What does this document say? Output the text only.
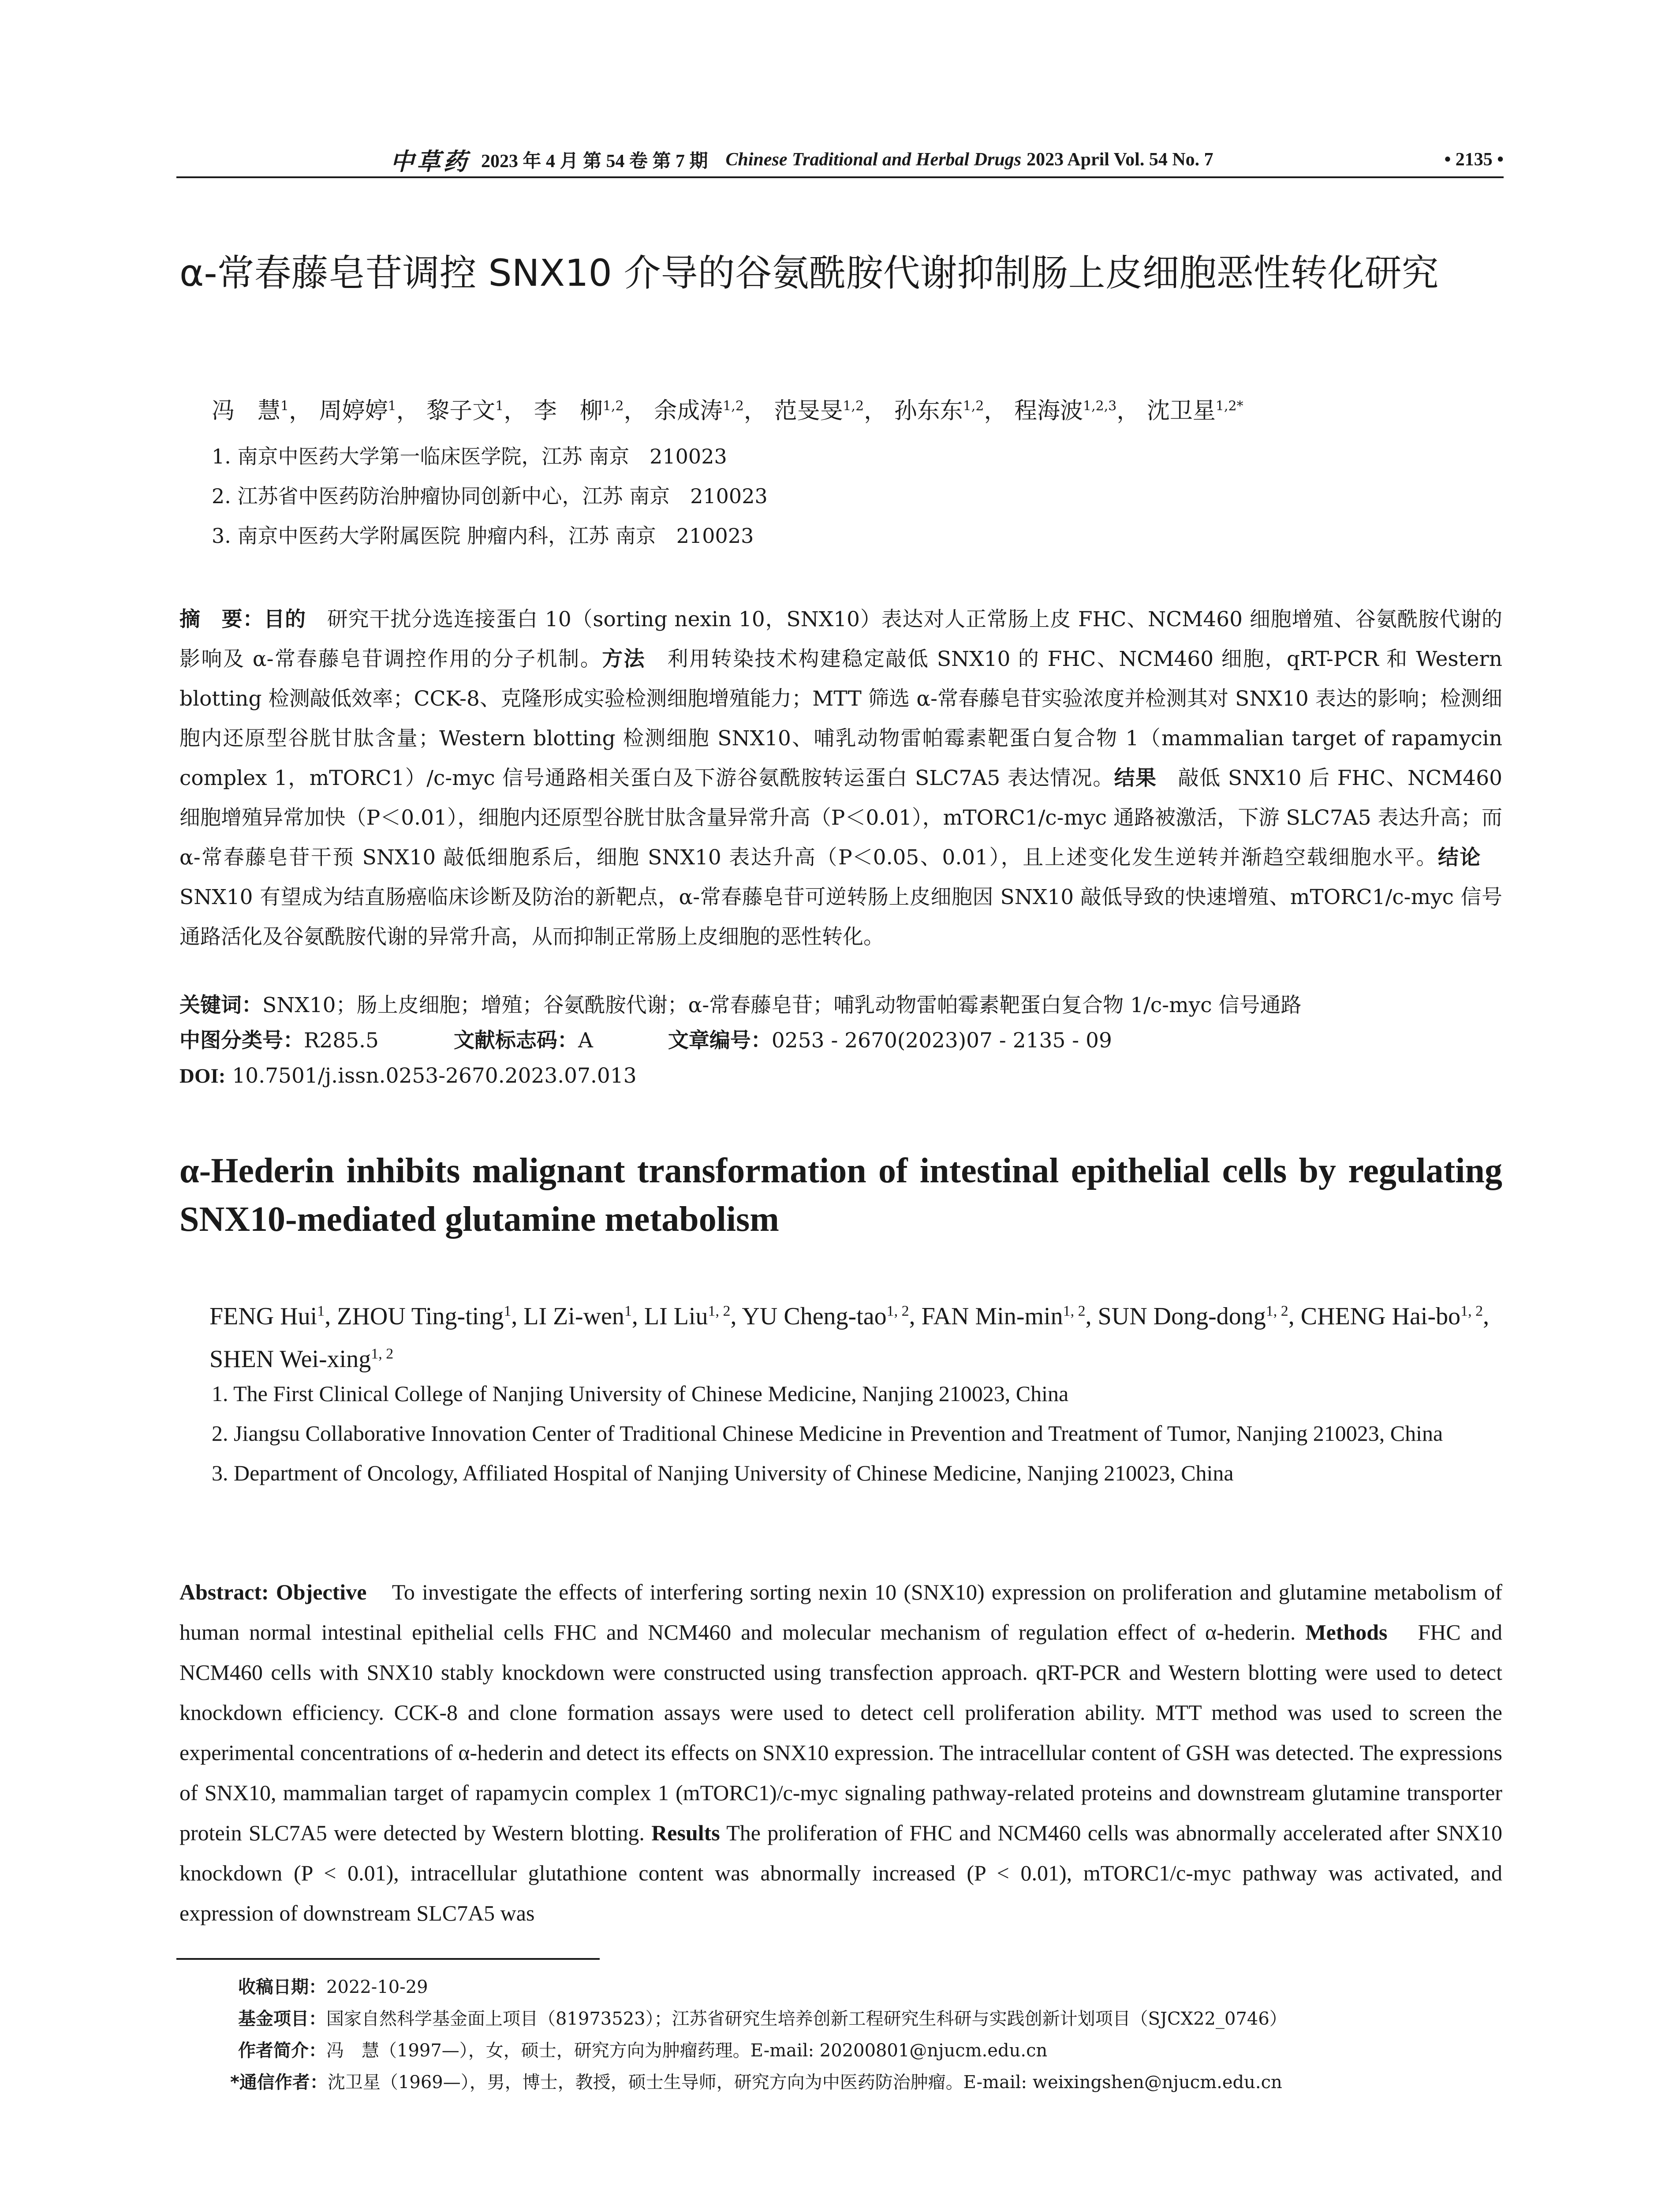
中草药 2023 年 4 月 第 54 卷 第 7 期 Chinese Traditional and Herbal Drugs 2023 April Vol. 54 No. 7	• 2135 •
α-常春藤皂苷调控 SNX10 介导的谷氨酰胺代谢抑制肠上皮细胞恶性转化研究
冯　慧$^1$， 周婷婷$^1$， 黎子文$^1$， 李　柳$^{1,2}$， 余成涛$^{1,2}$， 范旻旻$^{1,2}$， 孙东东$^{1,2}$， 程海波$^{1,2,3}$， 沈卫星$^{1,2*}$
1. 南京中医药大学第一临床医学院，江苏 南京　210023
2. 江苏省中医药防治肿瘤协同创新中心，江苏 南京　210023
3. 南京中医药大学附属医院 肿瘤内科，江苏 南京　210023
摘　要：目的　研究干扰分选连接蛋白 10（sorting nexin 10，SNX10）表达对人正常肠上皮 FHC、NCM460 细胞增殖、谷氨酰胺代谢的影响及 α-常春藤皂苷调控作用的分子机制。方法　利用转染技术构建稳定敲低 SNX10 的 FHC、NCM460 细胞，qRT-PCR 和 Western blotting 检测敲低效率；CCK-8、克隆形成实验检测细胞增殖能力；MTT 筛选 α-常春藤皂苷实验浓度并检测其对 SNX10 表达的影响；检测细胞内还原型谷胱甘肽含量；Western blotting 检测细胞 SNX10、哺乳动物雷帕霉素靶蛋白复合物 1（mammalian target of rapamycin complex 1，mTORC1）/c-myc 信号通路相关蛋白及下游谷氨酰胺转运蛋白 SLC7A5 表达情况。结果　敲低 SNX10 后 FHC、NCM460 细胞增殖异常加快（P＜0.01），细胞内还原型谷胱甘肽含量异常升高（P＜0.01），mTORC1/c-myc 通路被激活，下游 SLC7A5 表达升高；而 α-常春藤皂苷干预 SNX10 敲低细胞系后，细胞 SNX10 表达升高（P＜0.05、0.01），且上述变化发生逆转并渐趋空载细胞水平。结论　SNX10 有望成为结直肠癌临床诊断及防治的新靶点，α-常春藤皂苷可逆转肠上皮细胞因 SNX10 敲低导致的快速增殖、mTORC1/c-myc 信号通路活化及谷氨酰胺代谢的异常升高，从而抑制正常肠上皮细胞的恶性转化。
关键词：SNX10；肠上皮细胞；增殖；谷氨酰胺代谢；α-常春藤皂苷；哺乳动物雷帕霉素靶蛋白复合物 1/c-myc 信号通路
中图分类号：R285.5	文献标志码：A	文章编号：0253 - 2670(2023)07 - 2135 - 09
DOI: 10.7501/j.issn.0253-2670.2023.07.013
α-Hederin inhibits malignant transformation of intestinal epithelial cells by regulating SNX10-mediated glutamine metabolism
FENG Hui$^1$, ZHOU Ting-ting$^1$, LI Zi-wen$^1$, LI Liu$^{1, 2}$, YU Cheng-tao$^{1, 2}$, FAN Min-$\min^{1, 2}$, SUN Dong-dong$^{1, 2}$, CHENG Hai-bo$^{1, 2}$, SHEN Wei-xing$^{1, 2}$
1. The First Clinical College of Nanjing University of Chinese Medicine, Nanjing 210023, China
2. Jiangsu Collaborative Innovation Center of Traditional Chinese Medicine in Prevention and Treatment of Tumor, Nanjing 210023, China
3. Department of Oncology, Affiliated Hospital of Nanjing University of Chinese Medicine, Nanjing 210023, China
Abstract: Objective　To investigate the effects of interfering sorting nexin 10 (SNX10) expression on proliferation and glutamine metabolism of human normal intestinal epithelial cells FHC and NCM460 and molecular mechanism of regulation effect of α-hederin. Methods　FHC and NCM460 cells with SNX10 stably knockdown were constructed using transfection approach. qRT-PCR and Western blotting were used to detect knockdown efficiency. CCK-8 and clone formation assays were used to detect cell proliferation ability. MTT method was used to screen the experimental concentrations of α-hederin and detect its effects on SNX10 expression. The intracellular content of GSH was detected. The expressions of SNX10, mammalian target of rapamycin complex 1 (mTORC1)/c-myc signaling pathway-related proteins and downstream glutamine transporter protein SLC7A5 were detected by Western blotting. Results The proliferation of FHC and NCM460 cells was abnormally accelerated after SNX10 knockdown (P < 0.01), intracellular glutathione content was abnormally increased (P < 0.01), mTORC1/c-myc pathway was activated, and expression of downstream SLC7A5 was
收稿日期：2022-10-29
基金项目：国家自然科学基金面上项目（81973523）；江苏省研究生培养创新工程研究生科研与实践创新计划项目（SJCX22_0746）
作者简介：冯　慧（1997—），女，硕士，研究方向为肿瘤药理。E-mail: 20200801@njucm.edu.cn
*通信作者：沈卫星（1969—），男，博士，教授，硕士生导师，研究方向为中医药防治肿瘤。E-mail: weixingshen@njucm.edu.cn
